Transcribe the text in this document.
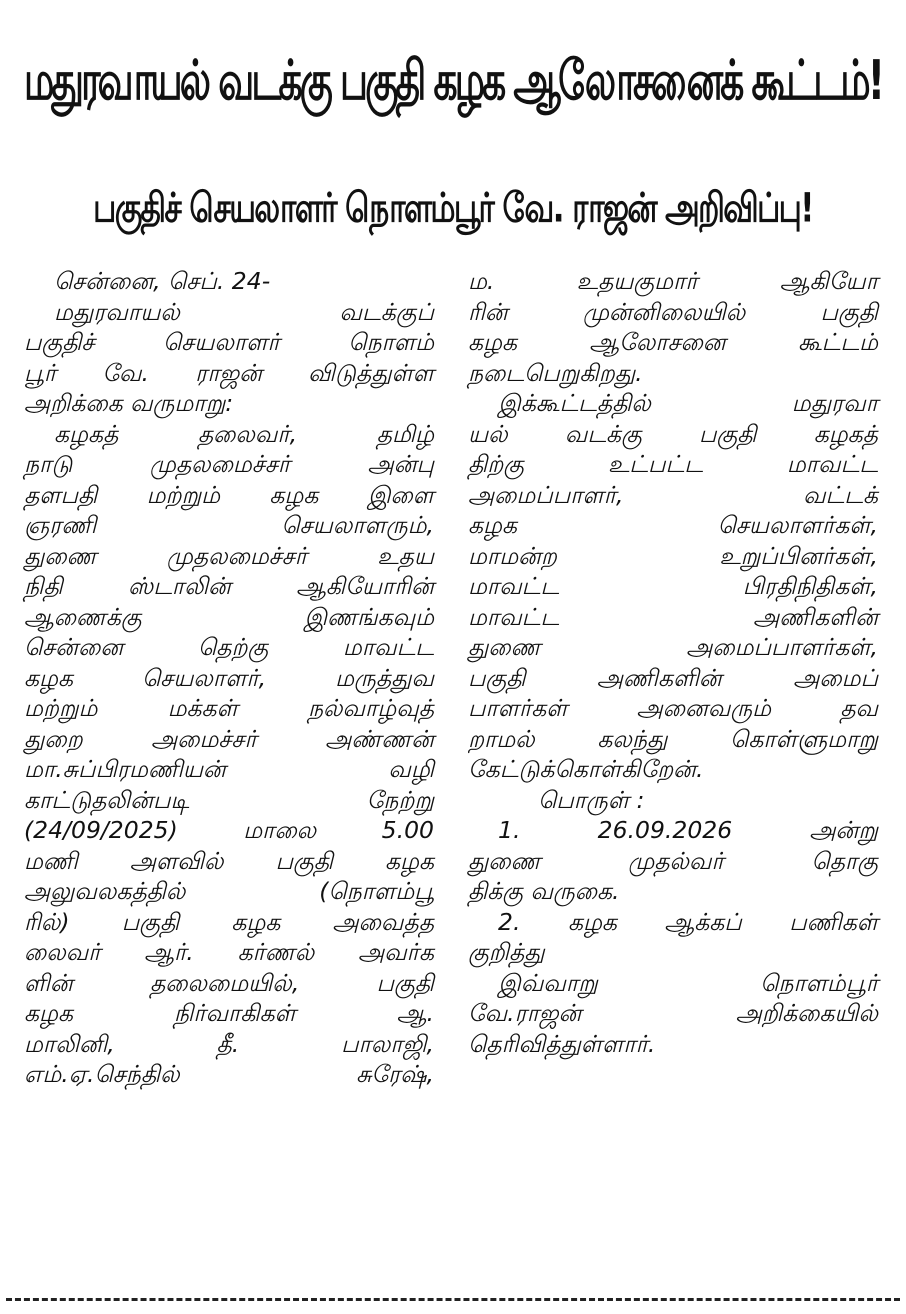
மதுரவாயல் வடக்கு பகுதி கழக ஆலோசனைக் கூட்டம்!
பகுதிச் செயலாளர் நொளம்பூர் வே. ராஜன் அறிவிப்பு!
சென்னை, செப். 24-
மதுரவாயல் வடக்குப்
பகுதிச் செயலாளர் நொளம்
பூர் வே. ராஜன் விடுத்துள்ள
அறிக்கை வருமாறு:
கழகத் தலைவர், தமிழ்
நாடு முதலமைச்சர் அன்பு
தளபதி மற்றும் கழக இளை
ஞரணி செயலாளரும்,
துணை முதலமைச்சர் உதய
நிதி ஸ்டாலின் ஆகியோரின்
ஆணைக்கு இணங்கவும்
சென்னை தெற்கு மாவட்ட
கழக செயலாளர், மருத்துவ
மற்றும் மக்கள் நல்வாழ்வுத்
துறை அமைச்சர் அண்ணன்
மா.சுப்பிரமணியன் வழி
காட்டுதலின்படி நேற்று
(24/09/2025) மாலை 5.00
மணி அளவில் பகுதி கழக
அலுவலகத்தில் (நொளம்பூ
ரில்) பகுதி கழக அவைத்த
லைவர் ஆர். கர்ணல் அவர்க
ளின் தலைமையில், பகுதி
கழக நிர்வாகிகள் ஆ.
மாலினி, தீ. பாலாஜி,
எம்.ஏ.செந்தில் சுரேஷ்,
ம. உதயகுமார் ஆகியோ
ரின் முன்னிலையில் பகுதி
கழக ஆலோசனை கூட்டம்
நடைபெறுகிறது.
இக்கூட்டத்தில் மதுரவா
யல் வடக்கு பகுதி கழகத்
திற்கு உட்பட்ட மாவட்ட
அமைப்பாளர், வட்டக்
கழக செயலாளர்கள்,
மாமன்ற உறுப்பினர்கள்,
மாவட்ட பிரதிநிதிகள்,
மாவட்ட அணிகளின்
துணை அமைப்பாளர்கள்,
பகுதி அணிகளின் அமைப்
பாளர்கள் அனைவரும் தவ
றாமல் கலந்து கொள்ளுமாறு
கேட்டுக்கொள்கிறேன்.
பொருள் :
1. 26.09.2026 அன்று
துணை முதல்வர் தொகு
திக்கு வருகை.
2. கழக ஆக்கப் பணிகள்
குறித்து
இவ்வாறு நொளம்பூர்
வே.ராஜன் அறிக்கையில்
தெரிவித்துள்ளார்.
